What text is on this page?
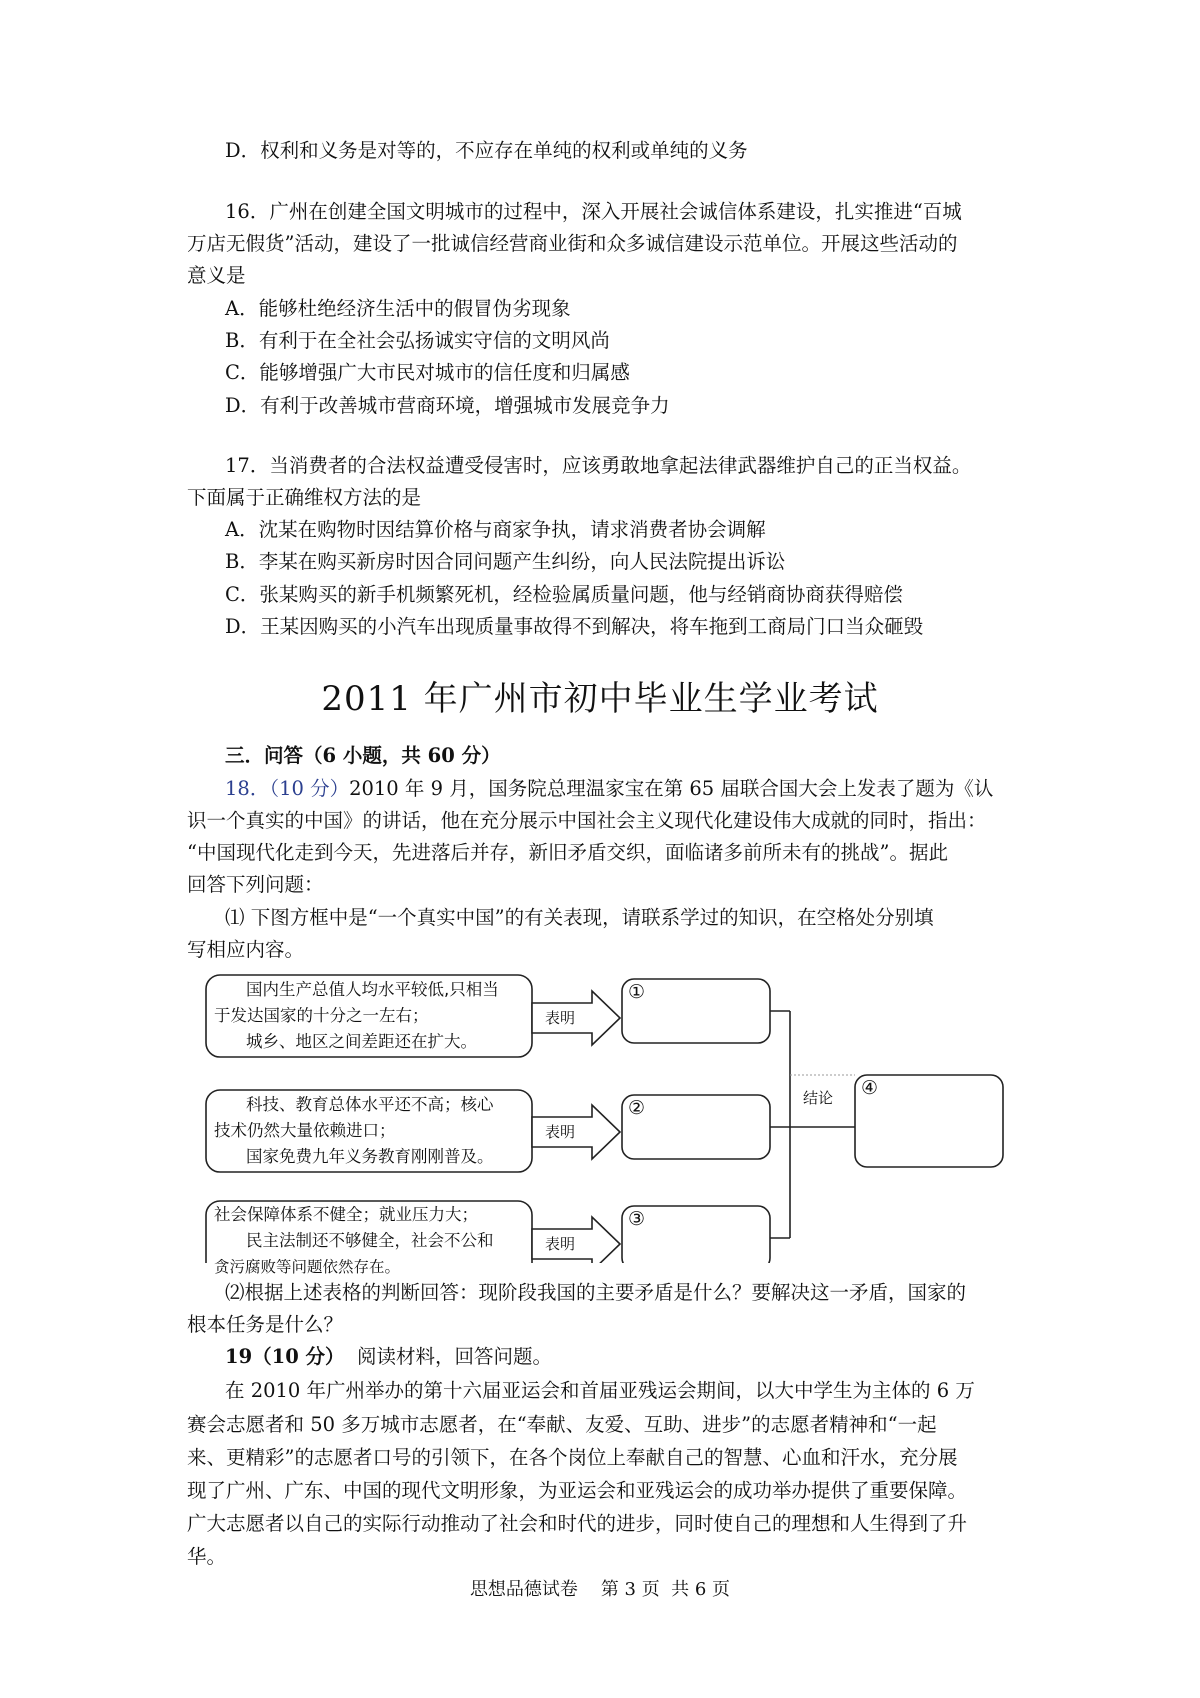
D．权利和义务是对等的，不应存在单纯的权利或单纯的义务
16．广州在创建全国文明城市的过程中，深入开展社会诚信体系建设，扎实推进“百城
万店无假货”活动，建设了一批诚信经营商业街和众多诚信建设示范单位。开展这些活动的
意义是
A．能够杜绝经济生活中的假冒伪劣现象
B．有利于在全社会弘扬诚实守信的文明风尚
C．能够增强广大市民对城市的信任度和归属感
D．有利于改善城市营商环境，增强城市发展竞争力
17．当消费者的合法权益遭受侵害时，应该勇敢地拿起法律武器维护自己的正当权益。
下面属于正确维权方法的是
A．沈某在购物时因结算价格与商家争执，请求消费者协会调解
B．李某在购买新房时因合同问题产生纠纷，向人民法院提出诉讼
C．张某购买的新手机频繁死机，经检验属质量问题，他与经销商协商获得赔偿
D．王某因购买的小汽车出现质量事故得不到解决，将车拖到工商局门口当众砸毁
2011 年广州市初中毕业生学业考试
三．问答（6 小题，共 60 分）
18．（10 分）2010 年 9 月，国务院总理温家宝在第 65 届联合国大会上发表了题为《认
识一个真实的中国》的讲话，他在充分展示中国社会主义现代化建设伟大成就的同时，指出：
“中国现代化走到今天，先进落后并存，新旧矛盾交织，面临诸多前所未有的挑战”。据此
回答下列问题：
⑴ 下图方框中是“一个真实中国”的有关表现，请联系学过的知识，在空格处分别填
写相应内容。
国内生产总值人均水平较低,只相当
于发达国家的十分之一左右；
城乡、地区之间差距还在扩大。
科技、教育总体水平还不高；核心
技术仍然大量依赖进口；
国家免费九年义务教育刚刚普及。
社会保障体系不健全；就业压力大；
民主法制还不够健全，社会不公和
贪污腐败等问题依然存在。
表明
表明
表明
结论
①
②
③
④
⑵根据上述表格的判断回答：现阶段我国的主要矛盾是什么？要解决这一矛盾，国家的
根本任务是什么？
19（10 分） 阅读材料，回答问题。
在 2010 年广州举办的第十六届亚运会和首届亚残运会期间，以大中学生为主体的 6 万
赛会志愿者和 50 多万城市志愿者，在“奉献、友爱、互助、进步”的志愿者精神和“一起
来、更精彩”的志愿者口号的引领下，在各个岗位上奉献自己的智慧、心血和汗水，充分展
现了广州、广东、中国的现代文明形象，为亚运会和亚残运会的成功举办提供了重要保障。
广大志愿者以自己的实际行动推动了社会和时代的进步，同时使自己的理想和人生得到了升
华。
思想品德试卷    第 3 页  共 6 页
